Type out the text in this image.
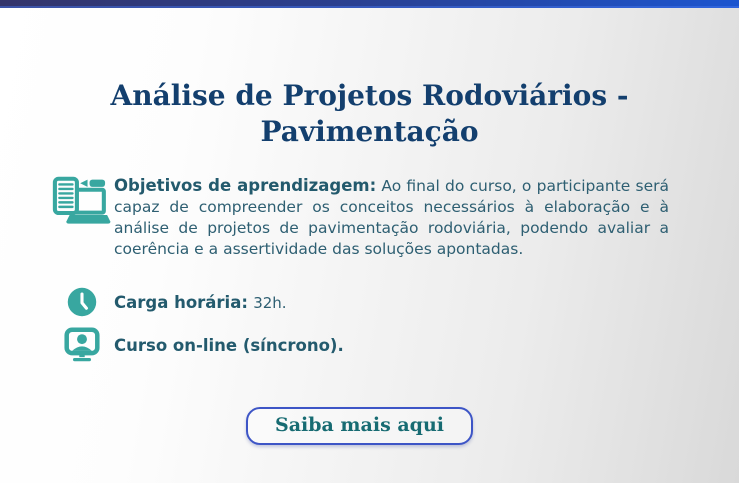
Análise de Projetos Rodoviários - Pavimentação

Objetivos de aprendizagem: Ao final do curso, o participante será capaz de compreender os conceitos necessários à elaboração e à análise de projetos de pavimentação rodoviária, podendo avaliar a coerência e a assertividade das soluções apontadas.

Carga horária: 32h.

Curso on-line (síncrono).

Saiba mais aqui
